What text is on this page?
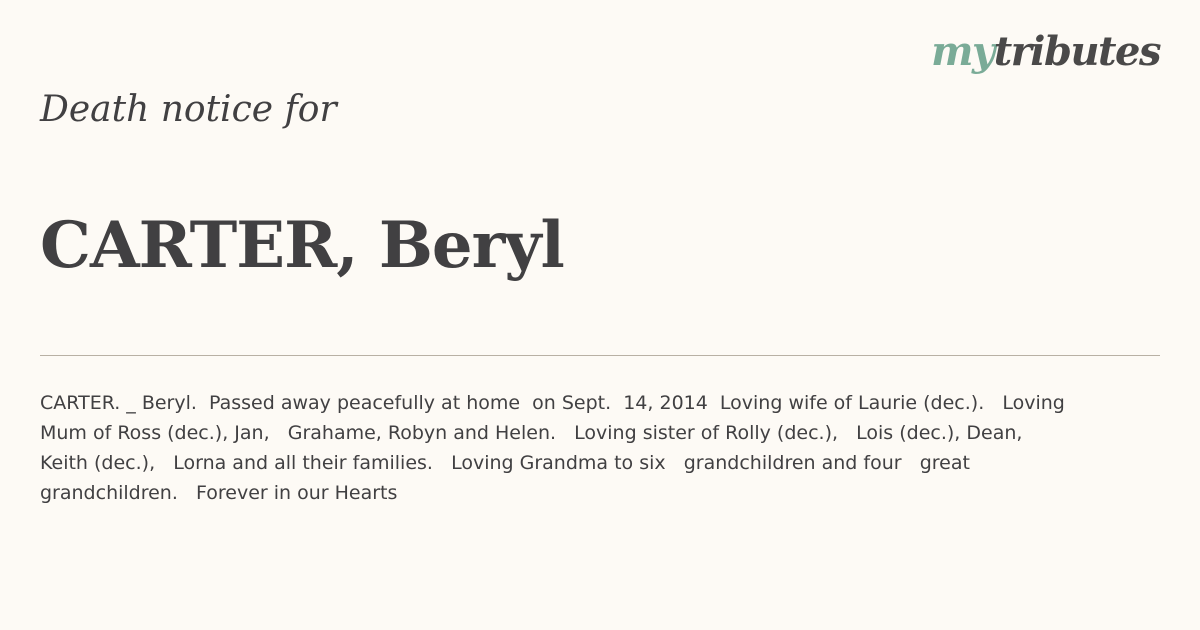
mytributes
Death notice for
CARTER, Beryl
CARTER. _ Beryl.  Passed away peacefully at home  on Sept.  14, 2014  Loving wife of Laurie (dec.).   Loving
Mum of Ross (dec.), Jan,   Grahame, Robyn and Helen.   Loving sister of Rolly (dec.),   Lois (dec.), Dean,
Keith (dec.),   Lorna and all their families.   Loving Grandma to six   grandchildren and four   great
grandchildren.   Forever in our Hearts
